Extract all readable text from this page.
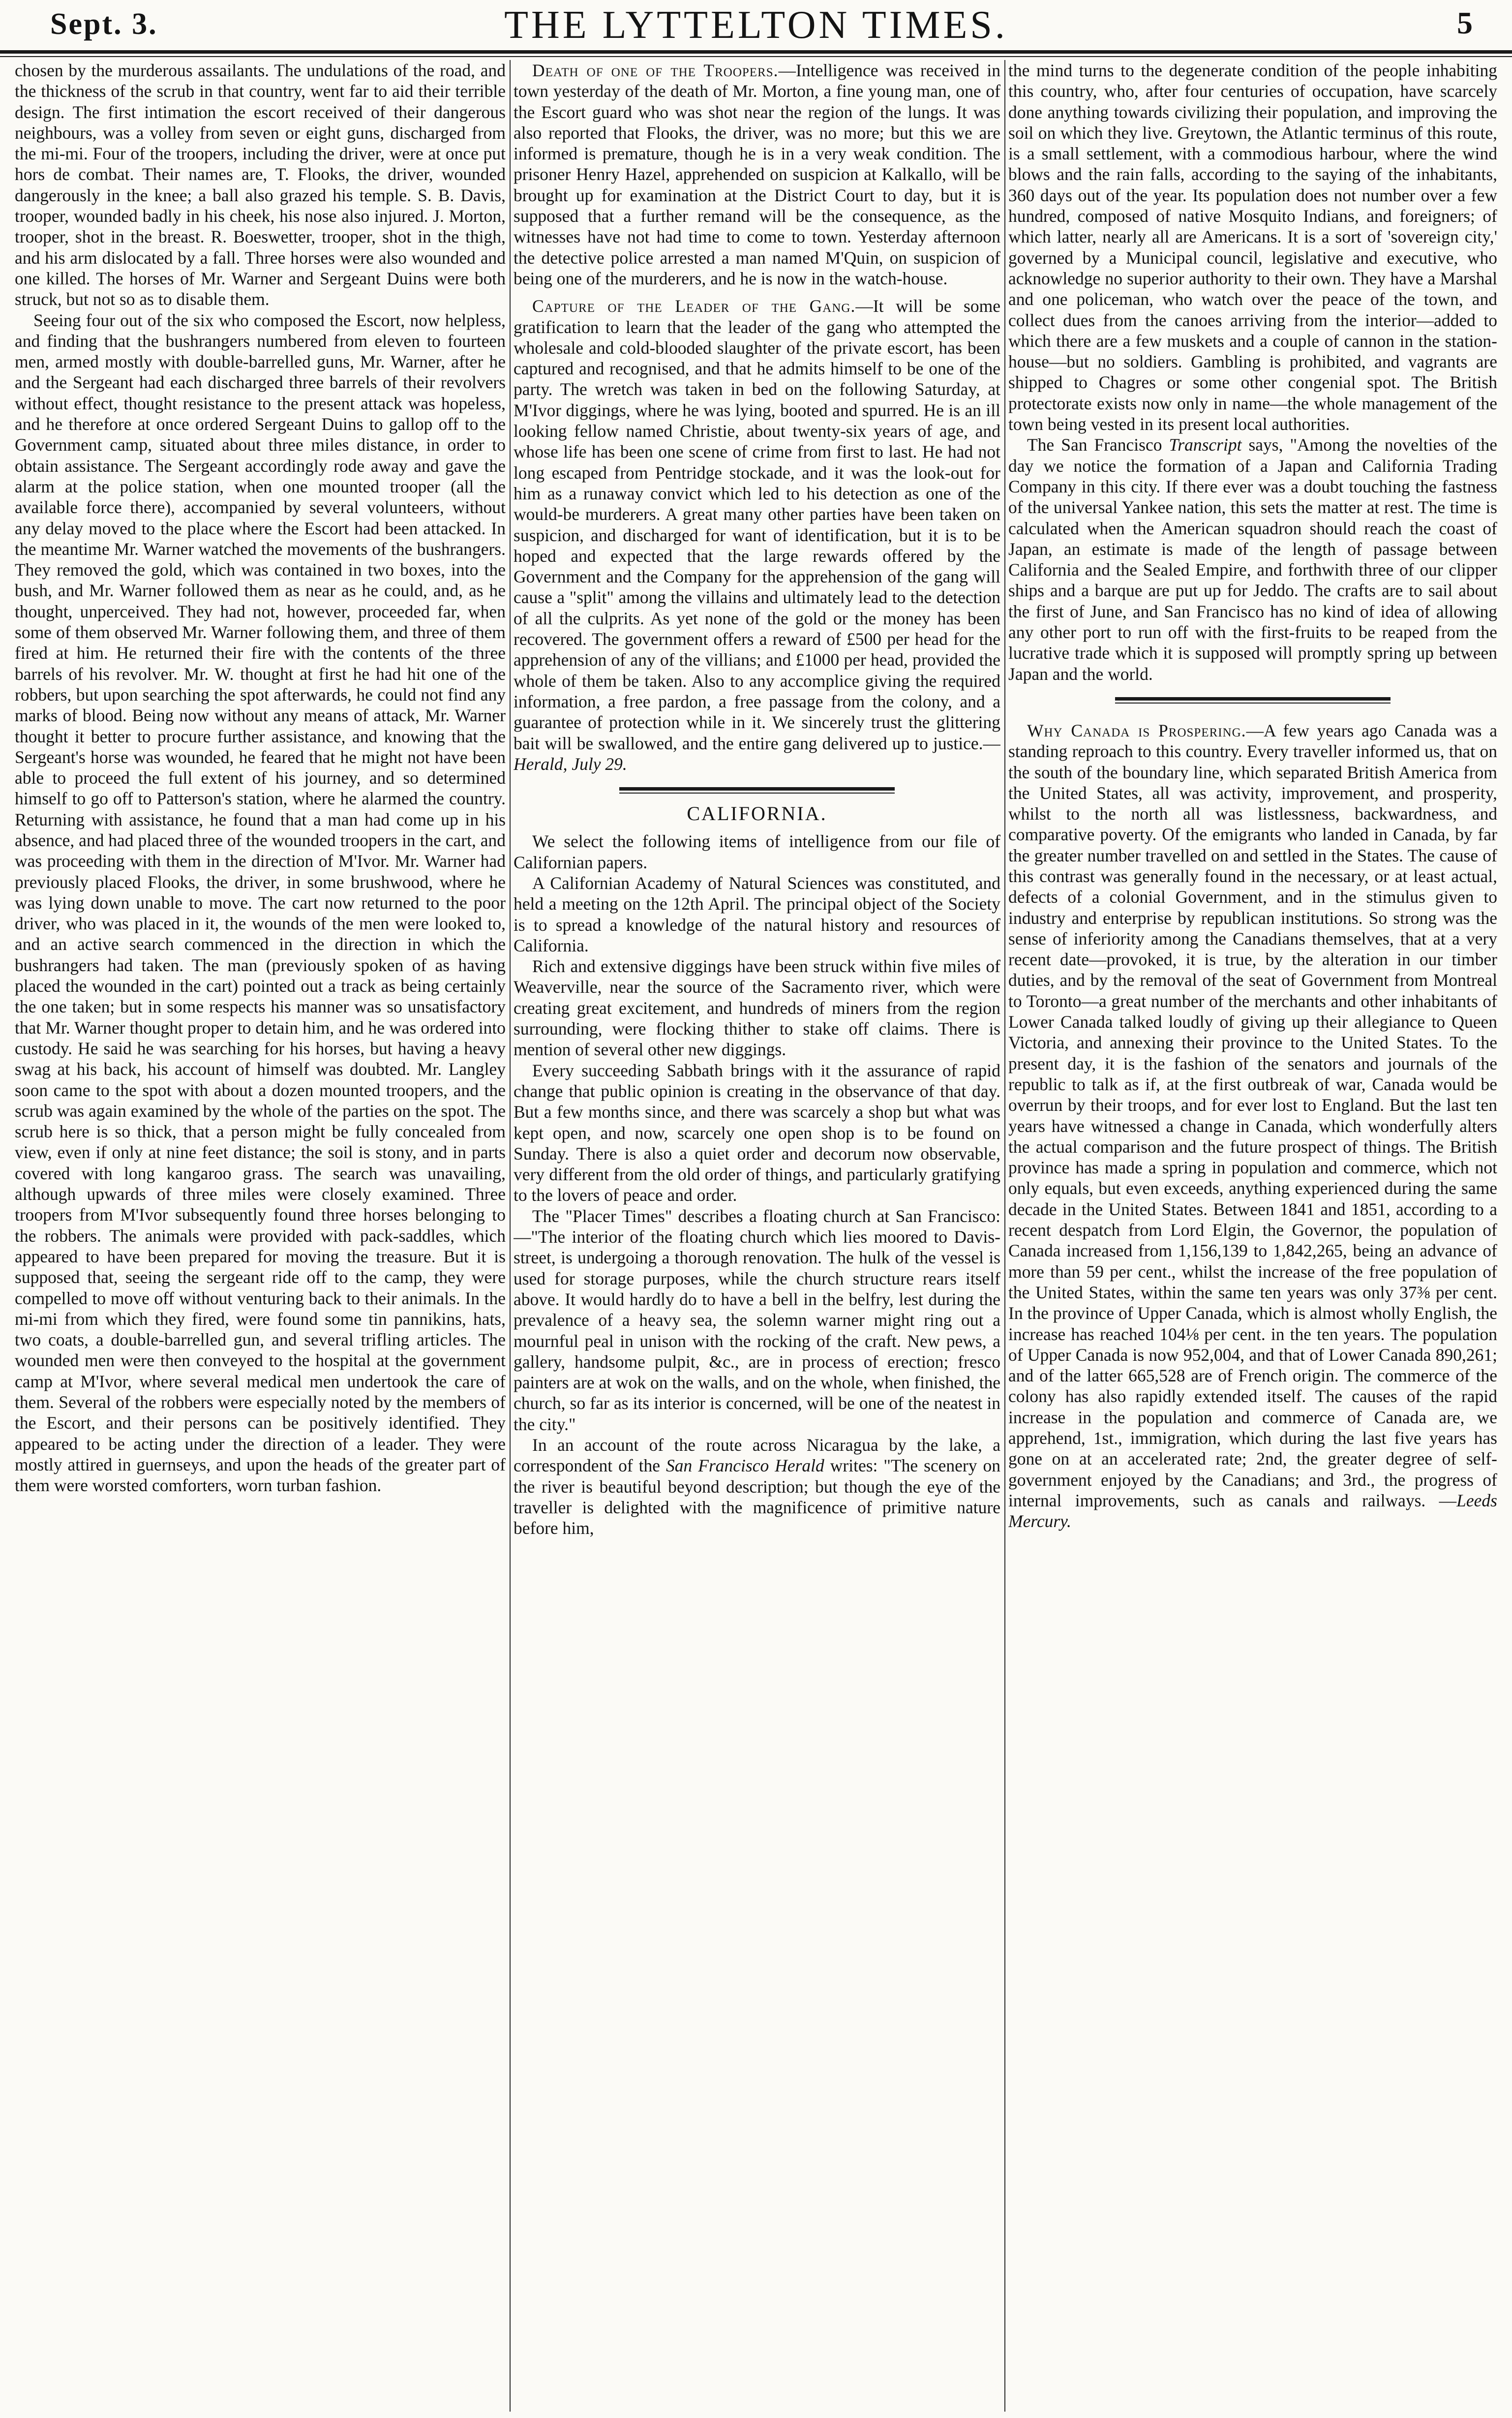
Sept. 3.	THE LYTTELTON TIMES.	5

chosen by the murderous assailants. The undulations of the road, and the thickness of the scrub in that country, went far to aid their terrible design. The first intimation the escort received of their dangerous neighbours, was a volley from seven or eight guns, discharged from the mi-mi. Four of the troopers, including the driver, were at once put hors de combat. Their names are, T. Flooks, the driver, wounded dangerously in the knee; a ball also grazed his temple. S. B. Davis, trooper, wounded badly in his cheek, his nose also injured. J. Morton, trooper, shot in the breast. R. Boeswetter, trooper, shot in the thigh, and his arm dislocated by a fall. Three horses were also wounded and one killed. The horses of Mr. Warner and Sergeant Duins were both struck, but not so as to disable them.

Seeing four out of the six who composed the Escort, now helpless, and finding that the bushrangers numbered from eleven to fourteen men, armed mostly with double-barrelled guns, Mr. Warner, after he and the Sergeant had each discharged three barrels of their revolvers without effect, thought resistance to the present attack was hopeless, and he therefore at once ordered Sergeant Duins to gallop off to the Government camp, situated about three miles distance, in order to obtain assistance. The Sergeant accordingly rode away and gave the alarm at the police station, when one mounted trooper (all the available force there), accompanied by several volunteers, without any delay moved to the place where the Escort had been attacked. In the meantime Mr. Warner watched the movements of the bushrangers. They removed the gold, which was contained in two boxes, into the bush, and Mr. Warner followed them as near as he could, and, as he thought, unperceived. They had not, however, proceeded far, when some of them observed Mr. Warner following them, and three of them fired at him. He returned their fire with the contents of the three barrels of his revolver. Mr. W. thought at first he had hit one of the robbers, but upon searching the spot afterwards, he could not find any marks of blood. Being now without any means of attack, Mr. Warner thought it better to procure further assistance, and knowing that the Sergeant's horse was wounded, he feared that he might not have been able to proceed the full extent of his journey, and so determined himself to go off to Patterson's station, where he alarmed the country. Returning with assistance, he found that a man had come up in his absence, and had placed three of the wounded troopers in the cart, and was proceeding with them in the direction of M'Ivor. Mr. Warner had previously placed Flooks, the driver, in some brushwood, where he was lying down unable to move. The cart now returned to the poor driver, who was placed in it, the wounds of the men were looked to, and an active search commenced in the direction in which the bushrangers had taken. The man (previously spoken of as having placed the wounded in the cart) pointed out a track as being certainly the one taken; but in some respects his manner was so unsatisfactory that Mr. Warner thought proper to detain him, and he was ordered into custody. He said he was searching for his horses, but having a heavy swag at his back, his account of himself was doubted. Mr. Langley soon came to the spot with about a dozen mounted troopers, and the scrub was again examined by the whole of the parties on the spot. The scrub here is so thick, that a person might be fully concealed from view, even if only at nine feet distance; the soil is stony, and in parts covered with long kangaroo grass. The search was unavailing, although upwards of three miles were closely examined. Three troopers from M'Ivor subsequently found three horses belonging to the robbers. The animals were provided with pack-saddles, which appeared to have been prepared for moving the treasure. But it is supposed that, seeing the sergeant ride off to the camp, they were compelled to move off without venturing back to their animals. In the mi-mi from which they fired, were found some tin pannikins, hats, two coats, a double-barrelled gun, and several trifling articles. The wounded men were then conveyed to the hospital at the government camp at M'Ivor, where several medical men undertook the care of them. Several of the robbers were especially noted by the members of the Escort, and their persons can be positively identified. They appeared to be acting under the direction of a leader. They were mostly attired in guernseys, and upon the heads of the greater part of them were worsted comforters, worn turban fashion.

Death of one of the Troopers.—Intelligence was received in town yesterday of the death of Mr. Morton, a fine young man, one of the Escort guard who was shot near the region of the lungs. It was also reported that Flooks, the driver, was no more; but this we are informed is premature, though he is in a very weak condition. The prisoner Henry Hazel, apprehended on suspicion at Kalkallo, will be brought up for examination at the District Court to day, but it is supposed that a further remand will be the consequence, as the witnesses have not had time to come to town. Yesterday afternoon the detective police arrested a man named M'Quin, on suspicion of being one of the murderers, and he is now in the watch-house.

Capture of the Leader of the Gang.—It will be some gratification to learn that the leader of the gang who attempted the wholesale and cold-blooded slaughter of the private escort, has been captured and recognised, and that he admits himself to be one of the party. The wretch was taken in bed on the following Saturday, at M'Ivor diggings, where he was lying, booted and spurred. He is an ill looking fellow named Christie, about twenty-six years of age, and whose life has been one scene of crime from first to last. He had not long escaped from Pentridge stockade, and it was the look-out for him as a runaway convict which led to his detection as one of the would-be murderers. A great many other parties have been taken on suspicion, and discharged for want of identification, but it is to be hoped and expected that the large rewards offered by the Government and the Company for the apprehension of the gang will cause a "split" among the villains and ultimately lead to the detection of all the culprits. As yet none of the gold or the money has been recovered. The government offers a reward of £500 per head for the apprehension of any of the villians; and £1000 per head, provided the whole of them be taken. Also to any accomplice giving the required information, a free pardon, a free passage from the colony, and a guarantee of protection while in it. We sincerely trust the glittering bait will be swallowed, and the entire gang delivered up to justice.—Herald, July 29.

CALIFORNIA.

We select the following items of intelligence from our file of Californian papers.

A Californian Academy of Natural Sciences was constituted, and held a meeting on the 12th April. The principal object of the Society is to spread a knowledge of the natural history and resources of California.

Rich and extensive diggings have been struck within five miles of Weaverville, near the source of the Sacramento river, which were creating great excitement, and hundreds of miners from the region surrounding, were flocking thither to stake off claims. There is mention of several other new diggings.

Every succeeding Sabbath brings with it the assurance of rapid change that public opinion is creating in the observance of that day. But a few months since, and there was scarcely a shop but what was kept open, and now, scarcely one open shop is to be found on Sunday. There is also a quiet order and decorum now observable, very different from the old order of things, and particularly gratifying to the lovers of peace and order.

The "Placer Times" describes a floating church at San Francisco:—"The interior of the floating church which lies moored to Davis-street, is undergoing a thorough renovation. The hulk of the vessel is used for storage purposes, while the church structure rears itself above. It would hardly do to have a bell in the belfry, lest during the prevalence of a heavy sea, the solemn warner might ring out a mournful peal in unison with the rocking of the craft. New pews, a gallery, handsome pulpit, &c., are in process of erection; fresco painters are at wok on the walls, and on the whole, when finished, the church, so far as its interior is concerned, will be one of the neatest in the city."

In an account of the route across Nicaragua by the lake, a correspondent of the San Francisco Herald writes: "The scenery on the river is beautiful beyond description; but though the eye of the traveller is delighted with the magnificence of primitive nature before him,

the mind turns to the degenerate condition of the people inhabiting this country, who, after four centuries of occupation, have scarcely done anything towards civilizing their population, and improving the soil on which they live. Greytown, the Atlantic terminus of this route, is a small settlement, with a commodious harbour, where the wind blows and the rain falls, according to the saying of the inhabitants, 360 days out of the year. Its population does not number over a few hundred, composed of native Mosquito Indians, and foreigners; of which latter, nearly all are Americans. It is a sort of 'sovereign city,' governed by a Municipal council, legislative and executive, who acknowledge no superior authority to their own. They have a Marshal and one policeman, who watch over the peace of the town, and collect dues from the canoes arriving from the interior—added to which there are a few muskets and a couple of cannon in the station-house—but no soldiers. Gambling is prohibited, and vagrants are shipped to Chagres or some other congenial spot. The British protectorate exists now only in name—the whole management of the town being vested in its present local authorities.

The San Francisco Transcript says, "Among the novelties of the day we notice the formation of a Japan and California Trading Company in this city. If there ever was a doubt touching the fastness of the universal Yankee nation, this sets the matter at rest. The time is calculated when the American squadron should reach the coast of Japan, an estimate is made of the length of passage between California and the Sealed Empire, and forthwith three of our clipper ships and a barque are put up for Jeddo. The crafts are to sail about the first of June, and San Francisco has no kind of idea of allowing any other port to run off with the first-fruits to be reaped from the lucrative trade which it is supposed will promptly spring up between Japan and the world.

Why Canada is Prospering.—A few years ago Canada was a standing reproach to this country. Every traveller informed us, that on the south of the boundary line, which separated British America from the United States, all was activity, improvement, and prosperity, whilst to the north all was listlessness, backwardness, and comparative poverty. Of the emigrants who landed in Canada, by far the greater number travelled on and settled in the States. The cause of this contrast was generally found in the necessary, or at least actual, defects of a colonial Government, and in the stimulus given to industry and enterprise by republican institutions. So strong was the sense of inferiority among the Canadians themselves, that at a very recent date—provoked, it is true, by the alteration in our timber duties, and by the removal of the seat of Government from Montreal to Toronto—a great number of the merchants and other inhabitants of Lower Canada talked loudly of giving up their allegiance to Queen Victoria, and annexing their province to the United States. To the present day, it is the fashion of the senators and journals of the republic to talk as if, at the first outbreak of war, Canada would be overrun by their troops, and for ever lost to England. But the last ten years have witnessed a change in Canada, which wonderfully alters the actual comparison and the future prospect of things. The British province has made a spring in population and commerce, which not only equals, but even exceeds, anything experienced during the same decade in the United States. Between 1841 and 1851, according to a recent despatch from Lord Elgin, the Governor, the population of Canada increased from 1,156,139 to 1,842,265, being an advance of more than 59 per cent., whilst the increase of the free population of the United States, within the same ten years was only 37⅜ per cent. In the province of Upper Canada, which is almost wholly English, the increase has reached 104⅛ per cent. in the ten years. The population of Upper Canada is now 952,004, and that of Lower Canada 890,261; and of the latter 665,528 are of French origin. The commerce of the colony has also rapidly extended itself. The causes of the rapid increase in the population and commerce of Canada are, we apprehend, 1st., immigration, which during the last five years has gone on at an accelerated rate; 2nd, the greater degree of self-government enjoyed by the Canadians; and 3rd., the progress of internal improvements, such as canals and railways. —Leeds Mercury.
